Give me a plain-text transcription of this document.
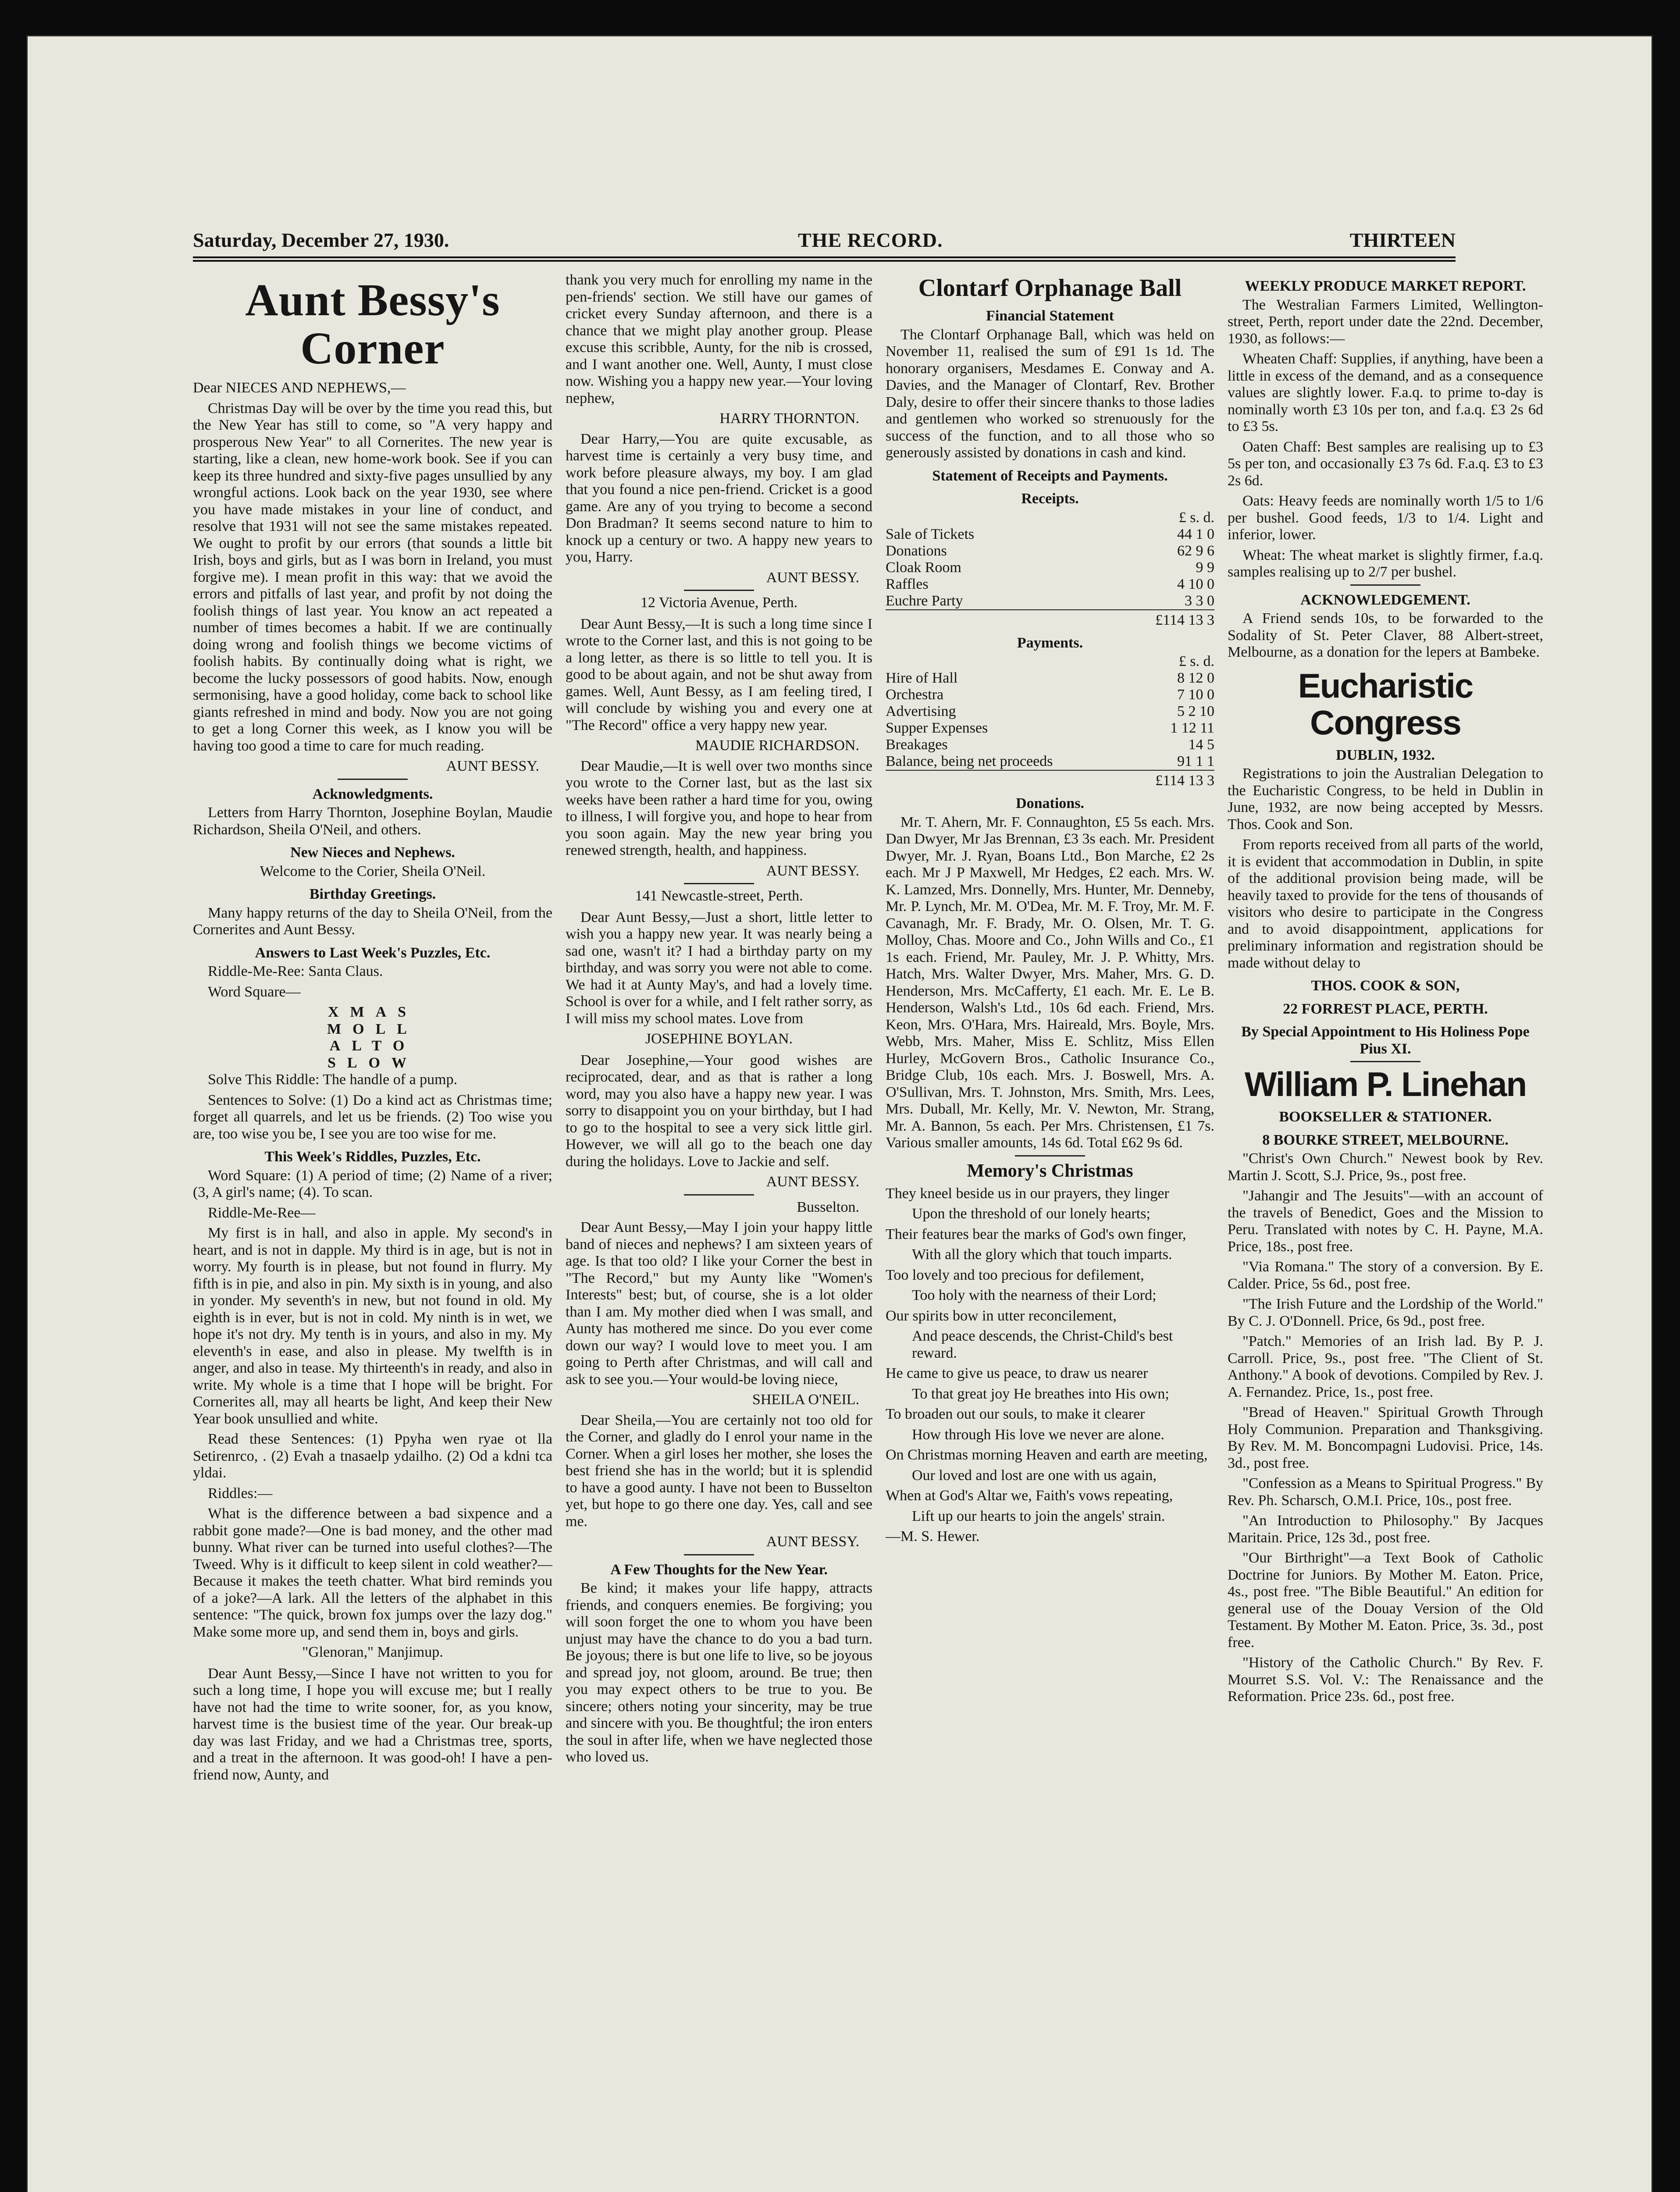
Saturday, December 27, 1930.	THE RECORD.	THIRTEEN
Aunt Bessy's Corner

Dear NIECES AND NEPHEWS,—

Christmas Day will be over by the time you read this, but the New Year has still to come, so "A very happy and prosperous New Year" to all Cornerites. The new year is starting, like a clean, new home-work book. See if you can keep its three hundred and sixty-five pages unsullied by any wrongful actions. Look back on the year 1930, see where you have made mistakes in your line of conduct, and resolve that 1931 will not see the same mistakes repeated. We ought to profit by our errors (that sounds a little bit Irish, boys and girls, but as I was born in Ireland, you must forgive me). I mean profit in this way: that we avoid the errors and pitfalls of last year, and profit by not doing the foolish things of last year. You know an act repeated a number of times becomes a habit. If we are continually doing wrong and foolish things we become victims of foolish habits. By continually doing what is right, we become the lucky possessors of good habits. Now, enough sermonising, have a good holiday, come back to school like giants refreshed in mind and body. Now you are not going to get a long Corner this week, as I know you will be having too good a time to care for much reading.

AUNT BESSY.

Acknowledgments.

Letters from Harry Thornton, Josephine Boylan, Maudie Richardson, Sheila O'Neil, and others.

New Nieces and Nephews.

Welcome to the Corier, Sheila O'Neil.

Birthday Greetings.

Many happy returns of the day to Sheila O'Neil, from the Cornerites and Aunt Bessy.

Answers to Last Week's Puzzles, Etc.

Riddle-Me-Ree: Santa Claus.

Word Square—

XMAS

MOLL

ALTO

SLOW

Solve This Riddle: The handle of a pump.

Sentences to Solve: (1) Do a kind act as Christmas time; forget all quarrels, and let us be friends. (2) Too wise you are, too wise you be, I see you are too wise for me.

This Week's Riddles, Puzzles, Etc.

Word Square: (1) A period of time; (2) Name of a river; (3, A girl's name; (4). To scan.

Riddle-Me-Ree—

My first is in hall, and also in apple. My second's in heart, and is not in dapple. My third is in age, but is not in worry. My fourth is in please, but not found in flurry. My fifth is in pie, and also in pin. My sixth is in young, and also in yonder. My seventh's in new, but not found in old. My eighth is in ever, but is not in cold. My ninth is in wet, we hope it's not dry. My tenth is in yours, and also in my. My eleventh's in ease, and also in please. My twelfth is in anger, and also in tease. My thirteenth's in ready, and also in write. My whole is a time that I hope will be bright. For Cornerites all, may all hearts be light, And keep their New Year book unsullied and white.

Read these Sentences: (1) Ppyha wen ryae ot lla Setirenrco, . (2) Evah a tnasaelp ydailho. (2) Od a kdni tca yldai.

Riddles:—

What is the difference between a bad sixpence and a rabbit gone made?—One is bad money, and the other mad bunny. What river can be turned into useful clothes?—The Tweed. Why is it difficult to keep silent in cold weather?—Because it makes the teeth chatter. What bird reminds you of a joke?—A lark. All the letters of the alphabet in this sentence: "The quick, brown fox jumps over the lazy dog." Make some more up, and send them in, boys and girls.

"Glenoran," Manjimup.

Dear Aunt Bessy,—Since I have not written to you for such a long time, I hope you will excuse me; but I really have not had the time to write sooner, for, as you know, harvest time is the busiest time of the year. Our break-up day was last Friday, and we had a Christmas tree, sports, and a treat in the afternoon. It was good-oh! I have a pen-friend now, Aunty, and

thank you very much for enrolling my name in the pen-friends' section. We still have our games of cricket every Sunday afternoon, and there is a chance that we might play another group. Please excuse this scribble, Aunty, for the nib is crossed, and I want another one. Well, Aunty, I must close now. Wishing you a happy new year.—Your loving nephew,

HARRY THORNTON.

Dear Harry,—You are quite excusable, as harvest time is certainly a very busy time, and work before pleasure always, my boy. I am glad that you found a nice pen-friend. Cricket is a good game. Are any of you trying to become a second Don Bradman? It seems second nature to him to knock up a century or two. A happy new years to you, Harry.

AUNT BESSY.

12 Victoria Avenue, Perth.

Dear Aunt Bessy,—It is such a long time since I wrote to the Corner last, and this is not going to be a long letter, as there is so little to tell you. It is good to be about again, and not be shut away from games. Well, Aunt Bessy, as I am feeling tired, I will conclude by wishing you and every one at "The Record" office a very happy new year.

MAUDIE RICHARDSON.

Dear Maudie,—It is well over two months since you wrote to the Corner last, but as the last six weeks have been rather a hard time for you, owing to illness, I will forgive you, and hope to hear from you soon again. May the new year bring you renewed strength, health, and happiness.

AUNT BESSY.

141 Newcastle-street, Perth.

Dear Aunt Bessy,—Just a short, little letter to wish you a happy new year. It was nearly being a sad one, wasn't it? I had a birthday party on my birthday, and was sorry you were not able to come. We had it at Aunty May's, and had a lovely time. School is over for a while, and I felt rather sorry, as I will miss my school mates. Love from

JOSEPHINE BOYLAN.

Dear Josephine,—Your good wishes are reciprocated, dear, and as that is rather a long word, may you also have a happy new year. I was sorry to disappoint you on your birthday, but I had to go to the hospital to see a very sick little girl. However, we will all go to the beach one day during the holidays. Love to Jackie and self.

AUNT BESSY.

Busselton.

Dear Aunt Bessy,—May I join your happy little band of nieces and nephews? I am sixteen years of age. Is that too old? I like your Corner the best in "The Record," but my Aunty like "Women's Interests" best; but, of course, she is a lot older than I am. My mother died when I was small, and Aunty has mothered me since. Do you ever come down our way? I would love to meet you. I am going to Perth after Christmas, and will call and ask to see you.—Your would-be loving niece,

SHEILA O'NEIL.

Dear Sheila,—You are certainly not too old for the Corner, and gladly do I enrol your name in the Corner. When a girl loses her mother, she loses the best friend she has in the world; but it is splendid to have a good aunty. I have not been to Busselton yet, but hope to go there one day. Yes, call and see me.

AUNT BESSY.

A Few Thoughts for the New Year.

Be kind; it makes your life happy, attracts friends, and conquers enemies. Be forgiving; you will soon forget the one to whom you have been unjust may have the chance to do you a bad turn. Be joyous; there is but one life to live, so be joyous and spread joy, not gloom, around. Be true; then you may expect others to be true to you. Be sincere; others noting your sincerity, may be true and sincere with you. Be thoughtful; the iron enters the soul in after life, when we have neglected those who loved us.

Clontarf Orphanage Ball

Financial Statement

The Clontarf Orphanage Ball, which was held on November 11, realised the sum of £91 1s 1d. The honorary organisers, Mesdames E. Conway and A. Davies, and the Manager of Clontarf, Rev. Brother Daly, desire to offer their sincere thanks to those ladies and gentlemen who worked so strenuously for the success of the function, and to all those who so generously assisted by donations in cash and kind.

Statement of Receipts and Payments.

Receipts.

	£ s. d.
Sale of Tickets	44 1 0
Donations	62 9 6
Cloak Room	9 9
Raffles	4 10 0
Euchre Party	3 3 0
	£114 13 3

Payments.

	£ s. d.
Hire of Hall	8 12 0
Orchestra	7 10 0
Advertising	5 2 10
Supper Expenses	1 12 11
Breakages	14 5
Balance, being net proceeds	91 1 1
	£114 13 3

Donations.

Mr. T. Ahern, Mr. F. Connaughton, £5 5s each. Mrs. Dan Dwyer, Mr Jas Brennan, £3 3s each. Mr. President Dwyer, Mr. J. Ryan, Boans Ltd., Bon Marche, £2 2s each. Mr J P Maxwell, Mr Hedges, £2 each. Mrs. W. K. Lamzed, Mrs. Donnelly, Mrs. Hunter, Mr. Denneby, Mr. P. Lynch, Mr. M. O'Dea, Mr. M. F. Troy, Mr. M. F. Cavanagh, Mr. F. Brady, Mr. O. Olsen, Mr. T. G. Molloy, Chas. Moore and Co., John Wills and Co., £1 1s each. Friend, Mr. Pauley, Mr. J. P. Whitty, Mrs. Hatch, Mrs. Walter Dwyer, Mrs. Maher, Mrs. G. D. Henderson, Mrs. McCafferty, £1 each. Mr. E. Le B. Henderson, Walsh's Ltd., 10s 6d each. Friend, Mrs. Keon, Mrs. O'Hara, Mrs. Haireald, Mrs. Boyle, Mrs. Webb, Mrs. Maher, Miss E. Schlitz, Miss Ellen Hurley, McGovern Bros., Catholic Insurance Co., Bridge Club, 10s each. Mrs. J. Boswell, Mrs. A. O'Sullivan, Mrs. T. Johnston, Mrs. Smith, Mrs. Lees, Mrs. Duball, Mr. Kelly, Mr. V. Newton, Mr. Strang, Mr. A. Bannon, 5s each. Per Mrs. Christensen, £1 7s. Various smaller amounts, 14s 6d. Total £62 9s 6d.

Memory's Christmas

They kneel beside us in our prayers, they linger

Upon the threshold of our lonely hearts;

Their features bear the marks of God's own finger,

With all the glory which that touch imparts.

Too lovely and too precious for defilement,

Too holy with the nearness of their Lord;

Our spirits bow in utter reconcilement,

And peace descends, the Christ-Child's best reward.

He came to give us peace, to draw us nearer

To that great joy He breathes into His own;

To broaden out our souls, to make it clearer

How through His love we never are alone.

On Christmas morning Heaven and earth are meeting,

Our loved and lost are one with us again,

When at God's Altar we, Faith's vows repeating,

Lift up our hearts to join the angels' strain.

—M. S. Hewer.

WEEKLY PRODUCE MARKET REPORT.

The Westralian Farmers Limited, Wellington-street, Perth, report under date the 22nd. December, 1930, as follows:—

Wheaten Chaff: Supplies, if anything, have been a little in excess of the demand, and as a consequence values are slightly lower. F.a.q. to prime to-day is nominally worth £3 10s per ton, and f.a.q. £3 2s 6d to £3 5s.

Oaten Chaff: Best samples are realising up to £3 5s per ton, and occasionally £3 7s 6d. F.a.q. £3 to £3 2s 6d.

Oats: Heavy feeds are nominally worth 1/5 to 1/6 per bushel. Good feeds, 1/3 to 1/4. Light and inferior, lower.

Wheat: The wheat market is slightly firmer, f.a.q. samples realising up to 2/7 per bushel.

ACKNOWLEDGEMENT.

A Friend sends 10s, to be forwarded to the Sodality of St. Peter Claver, 88 Albert-street, Melbourne, as a donation for the lepers at Bambeke.

Eucharistic Congress

DUBLIN, 1932.

Registrations to join the Australian Delegation to the Eucharistic Congress, to be held in Dublin in June, 1932, are now being accepted by Messrs. Thos. Cook and Son.

From reports received from all parts of the world, it is evident that accommodation in Dublin, in spite of the additional provision being made, will be heavily taxed to provide for the tens of thousands of visitors who desire to participate in the Congress and to avoid disappointment, applications for preliminary information and registration should be made without delay to

THOS. COOK & SON,

22 FORREST PLACE, PERTH.

By Special Appointment to His Holiness Pope Pius XI.

William P. Linehan

BOOKSELLER & STATIONER.

8 BOURKE STREET, MELBOURNE.

"Christ's Own Church." Newest book by Rev. Martin J. Scott, S.J. Price, 9s., post free.

"Jahangir and The Jesuits"—with an account of the travels of Benedict, Goes and the Mission to Peru. Translated with notes by C. H. Payne, M.A. Price, 18s., post free.

"Via Romana." The story of a conversion. By E. Calder. Price, 5s 6d., post free.

"The Irish Future and the Lordship of the World." By C. J. O'Donnell. Price, 6s 9d., post free.

"Patch." Memories of an Irish lad. By P. J. Carroll. Price, 9s., post free. "The Client of St. Anthony." A book of devotions. Compiled by Rev. J. A. Fernandez. Price, 1s., post free.

"Bread of Heaven." Spiritual Growth Through Holy Communion. Preparation and Thanksgiving. By Rev. M. M. Boncompagni Ludovisi. Price, 14s. 3d., post free.

"Confession as a Means to Spiritual Progress." By Rev. Ph. Scharsch, O.M.I. Price, 10s., post free.

"An Introduction to Philosophy." By Jacques Maritain. Price, 12s 3d., post free.

"Our Birthright"—a Text Book of Catholic Doctrine for Juniors. By Mother M. Eaton. Price, 4s., post free. "The Bible Beautiful." An edition for general use of the Douay Version of the Old Testament. By Mother M. Eaton. Price, 3s. 3d., post free.

"History of the Catholic Church." By Rev. F. Mourret S.S. Vol. V.: The Renaissance and the Reformation. Price 23s. 6d., post free.
